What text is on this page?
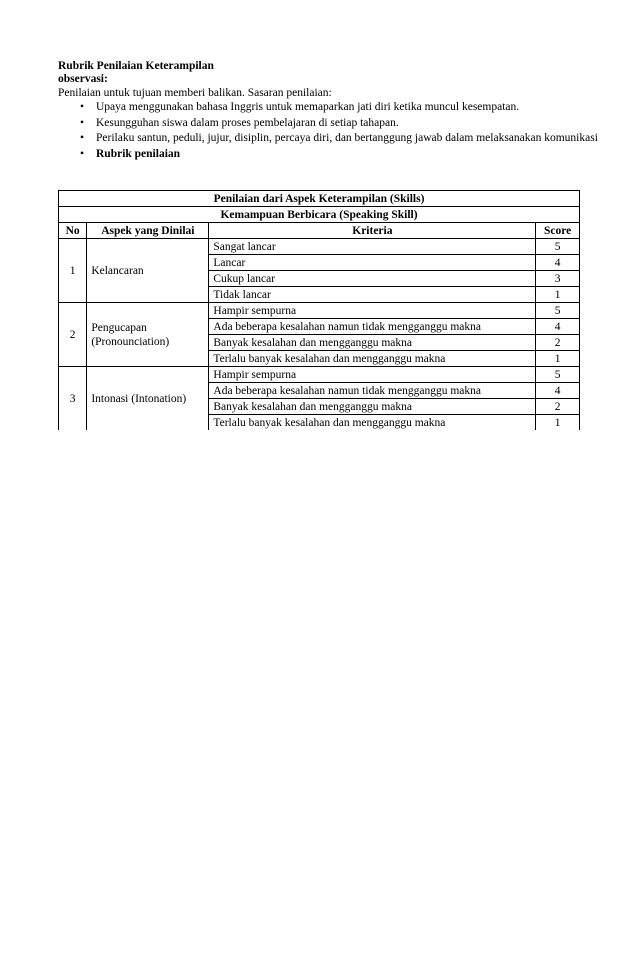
Rubrik Penilaian Keterampilan
observasi:
Penilaian untuk tujuan memberi balikan. Sasaran penilaian:
• Upaya menggunakan bahasa Inggris untuk memaparkan jati diri ketika muncul kesempatan.
• Kesungguhan siswa dalam proses pembelajaran di setiap tahapan.
• Perilaku santun, peduli, jujur, disiplin, percaya diri, dan bertanggung jawab dalam melaksanakan komunikasi
• Rubrik penilaian
Penilaian dari Aspek Keterampilan (Skills)			
Kemampuan Berbicara (Speaking Skill)			
No	Aspek yang Dinilai	Kriteria	Score
1	Kelancaran	Sangat lancar	5
		Lancar	4
		Cukup lancar	3
		Tidak lancar	1
2	Pengucapan (Pronounciation)	Hampir sempurna	5
		Ada beberapa kesalahan namun tidak mengganggu makna	4
		Banyak kesalahan dan mengganggu makna	2
		Terlalu banyak kesalahan dan mengganggu makna	1
3	Intonasi (Intonation)	Hampir sempurna	5
		Ada beberapa kesalahan namun tidak mengganggu makna	4
		Banyak kesalahan dan mengganggu makna	2
		Terlalu banyak kesalahan dan mengganggu makna	1
